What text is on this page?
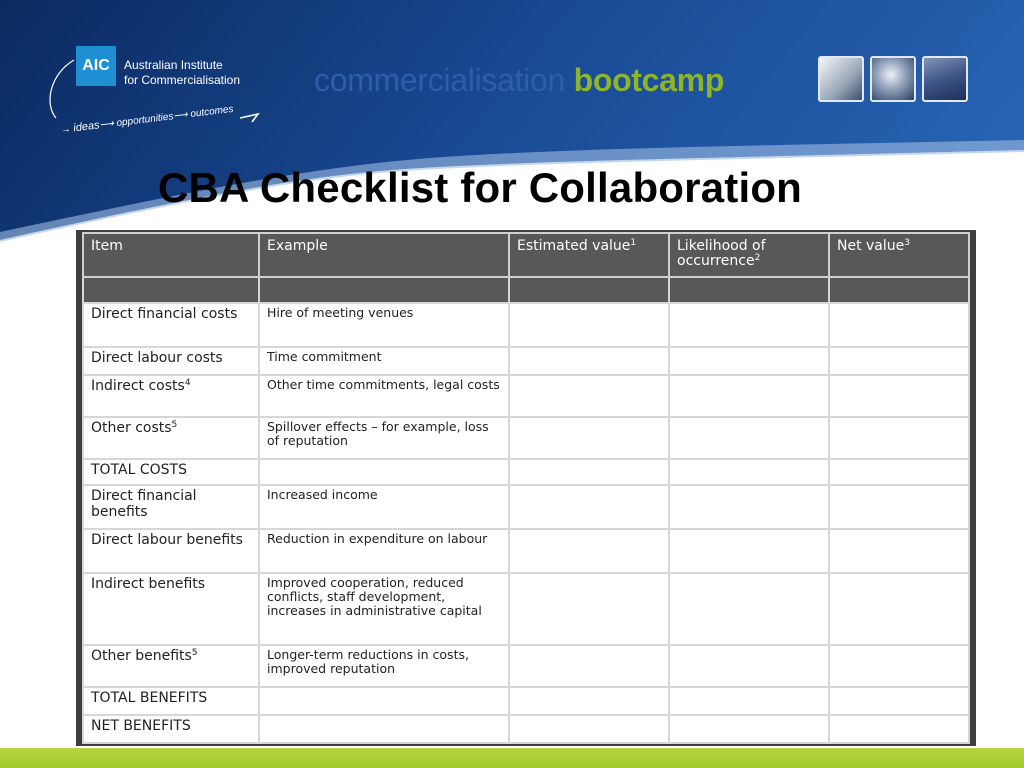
AIC	Australian Institute
for Commercialisation
→ ideas⟶ opportunities⟶ outcomes
commercialisation bootcamp
CBA Checklist for Collaboration
Item	Example	Estimated value$^1$	Likelihood of occurrence$^2$	Net value$^3$

Direct financial costs	Hire of meeting venues			
Direct labour costs	Time commitment			
Indirect costs$^4$	Other time commitments, legal costs			
Other costs$^5$	Spillover effects – for example, loss of reputation			
TOTAL COSTS				
Direct financial benefits	Increased income			
Direct labour benefits	Reduction in expenditure on labour			
Indirect benefits	Improved cooperation, reduced conflicts, staff development, increases in administrative capital			
Other benefits$^5$	Longer-term reductions in costs, improved reputation			
TOTAL BENEFITS				
NET BENEFITS				
